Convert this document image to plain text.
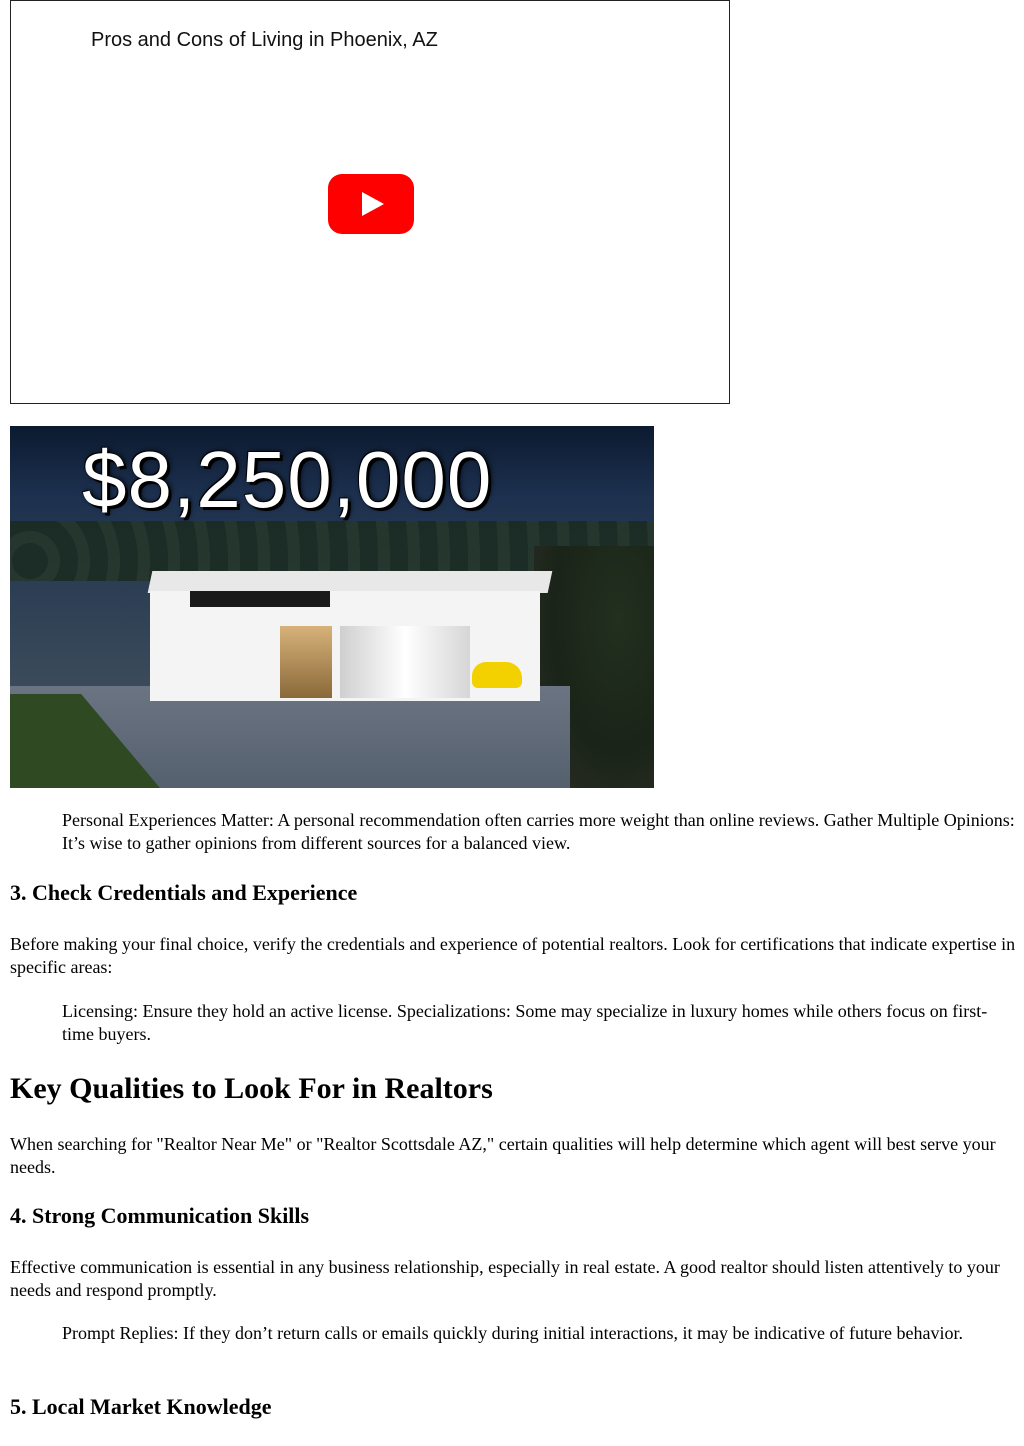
Pros and Cons of Living in Phoenix, AZ
$8,250,000

Personal Experiences Matter: A personal recommendation often carries more weight than online reviews. Gather Multiple Opinions: It’s wise to gather opinions from different sources for a balanced view.

3. Check Credentials and Experience

Before making your final choice, verify the credentials and experience of potential realtors. Look for certifications that indicate expertise in specific areas:

Licensing: Ensure they hold an active license. Specializations: Some may specialize in luxury homes while others focus on first-time buyers.

Key Qualities to Look For in Realtors

When searching for "Realtor Near Me" or "Realtor Scottsdale AZ," certain qualities will help determine which agent will best serve your needs.

4. Strong Communication Skills

Effective communication is essential in any business relationship, especially in real estate. A good realtor should listen attentively to your needs and respond promptly.

Prompt Replies: If they don’t return calls or emails quickly during initial interactions, it may be indicative of future behavior.

5. Local Market Knowledge
